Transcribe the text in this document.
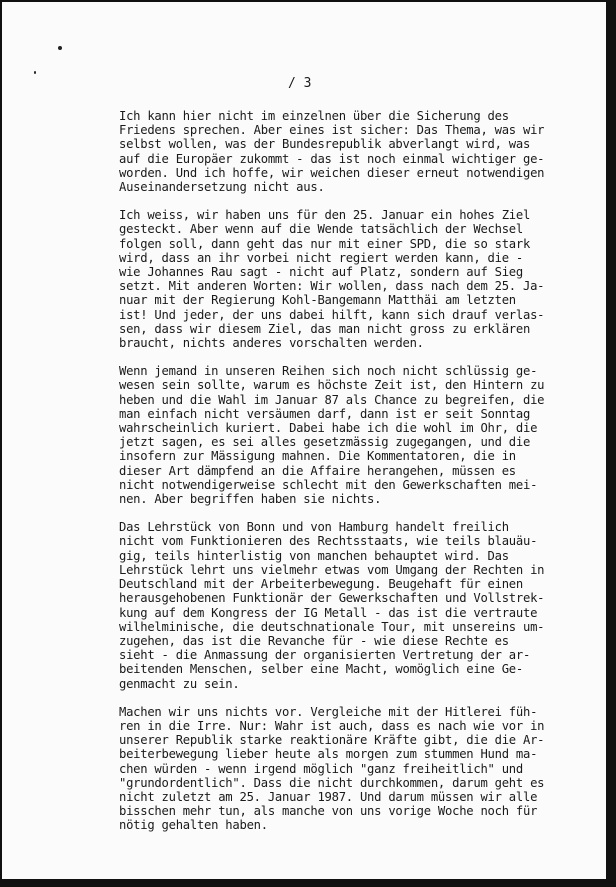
/ 3
Ich kann hier nicht im einzelnen über die Sicherung des
Friedens sprechen. Aber eines ist sicher: Das Thema, was wir
selbst wollen, was der Bundesrepublik abverlangt wird, was
auf die Europäer zukommt - das ist noch einmal wichtiger ge-
worden. Und ich hoffe, wir weichen dieser erneut notwendigen
Auseinandersetzung nicht aus.
Ich weiss, wir haben uns für den 25. Januar ein hohes Ziel
gesteckt. Aber wenn auf die Wende tatsächlich der Wechsel
folgen soll, dann geht das nur mit einer SPD, die so stark
wird, dass an ihr vorbei nicht regiert werden kann, die -
wie Johannes Rau sagt - nicht auf Platz, sondern auf Sieg
setzt. Mit anderen Worten: Wir wollen, dass nach dem 25. Ja-
nuar mit der Regierung Kohl-Bangemann Matthäi am letzten
ist! Und jeder, der uns dabei hilft, kann sich drauf verlas-
sen, dass wir diesem Ziel, das man nicht gross zu erklären
braucht, nichts anderes vorschalten werden.
Wenn jemand in unseren Reihen sich noch nicht schlüssig ge-
wesen sein sollte, warum es höchste Zeit ist, den Hintern zu
heben und die Wahl im Januar 87 als Chance zu begreifen, die
man einfach nicht versäumen darf, dann ist er seit Sonntag
wahrscheinlich kuriert. Dabei habe ich die wohl im Ohr, die
jetzt sagen, es sei alles gesetzmässig zugegangen, und die
insofern zur Mässigung mahnen. Die Kommentatoren, die in
dieser Art dämpfend an die Affaire herangehen, müssen es
nicht notwendigerweise schlecht mit den Gewerkschaften mei-
nen. Aber begriffen haben sie nichts.
Das Lehrstück von Bonn und von Hamburg handelt freilich
nicht vom Funktionieren des Rechtsstaats, wie teils blauäu-
gig, teils hinterlistig von manchen behauptet wird. Das
Lehrstück lehrt uns vielmehr etwas vom Umgang der Rechten in
Deutschland mit der Arbeiterbewegung. Beugehaft für einen
herausgehobenen Funktionär der Gewerkschaften und Vollstrek-
kung auf dem Kongress der IG Metall - das ist die vertraute
wilhelminische, die deutschnationale Tour, mit unsereins um-
zugehen, das ist die Revanche für - wie diese Rechte es
sieht - die Anmassung der organisierten Vertretung der ar-
beitenden Menschen, selber eine Macht, womöglich eine Ge-
genmacht zu sein.
Machen wir uns nichts vor. Vergleiche mit der Hitlerei füh-
ren in die Irre. Nur: Wahr ist auch, dass es nach wie vor in
unserer Republik starke reaktionäre Kräfte gibt, die die Ar-
beiterbewegung lieber heute als morgen zum stummen Hund ma-
chen würden - wenn irgend möglich "ganz freiheitlich" und
"grundordentlich". Dass die nicht durchkommen, darum geht es
nicht zuletzt am 25. Januar 1987. Und darum müssen wir alle
bisschen mehr tun, als manche von uns vorige Woche noch für
nötig gehalten haben.
